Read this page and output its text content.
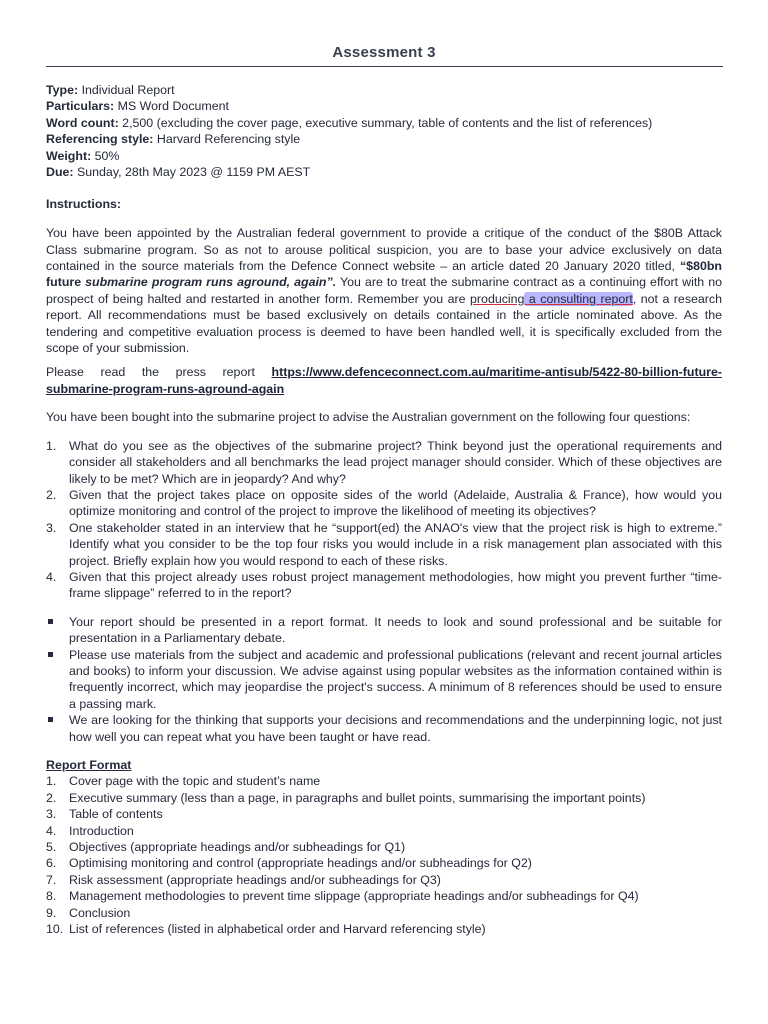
Assessment 3

Type: Individual Report

Particulars: MS Word Document

Word count: 2,500 (excluding the cover page, executive summary, table of contents and the list of references)

Referencing style: Harvard Referencing style

Weight: 50%

Due: Sunday, 28th May 2023 @ 1159 PM AEST

Instructions:

You have been appointed by the Australian federal government to provide a critique of the conduct of the $80B Attack Class submarine program. So as not to arouse political suspicion, you are to base your advice exclusively on data contained in the source materials from the Defence Connect website – an article dated 20 January 2020 titled, “$80bn future submarine program runs aground, again”. You are to treat the submarine contract as a continuing effort with no prospect of being halted and restarted in another form. Remember you are producing a consulting report, not a research report. All recommendations must be based exclusively on details contained in the article nominated above. As the tendering and competitive evaluation process is deemed to have been handled well, it is specifically excluded from the scope of your submission.

Please read the press report https://www.defenceconnect.com.au/maritime-antisub/5422-80-billion-future-submarine-program-runs-aground-again

You have been bought into the submarine project to advise the Australian government on the following four questions:

1. What do you see as the objectives of the submarine project? Think beyond just the operational requirements and consider all stakeholders and all benchmarks the lead project manager should consider. Which of these objectives are likely to be met? Which are in jeopardy? And why?
2. Given that the project takes place on opposite sides of the world (Adelaide, Australia & France), how would you optimize monitoring and control of the project to improve the likelihood of meeting its objectives?
3. One stakeholder stated in an interview that he “support(ed) the ANAO's view that the project risk is high to extreme.” Identify what you consider to be the top four risks you would include in a risk management plan associated with this project. Briefly explain how you would respond to each of these risks.
4. Given that this project already uses robust project management methodologies, how might you prevent further “time-frame slippage” referred to in the report?
Your report should be presented in a report format. It needs to look and sound professional and be suitable for presentation in a Parliamentary debate.
Please use materials from the subject and academic and professional publications (relevant and recent journal articles and books) to inform your discussion. We advise against using popular websites as the information contained within is frequently incorrect, which may jeopardise the project's success. A minimum of 8 references should be used to ensure a passing mark.
We are looking for the thinking that supports your decisions and recommendations and the underpinning logic, not just how well you can repeat what you have been taught or have read.

Report Format

1. Cover page with the topic and student’s name
2. Executive summary (less than a page, in paragraphs and bullet points, summarising the important points)
3. Table of contents
4. Introduction
5. Objectives (appropriate headings and/or subheadings for Q1)
6. Optimising monitoring and control (appropriate headings and/or subheadings for Q2)
7. Risk assessment (appropriate headings and/or subheadings for Q3)
8. Management methodologies to prevent time slippage (appropriate headings and/or subheadings for Q4)
9. Conclusion
10. List of references (listed in alphabetical order and Harvard referencing style)
